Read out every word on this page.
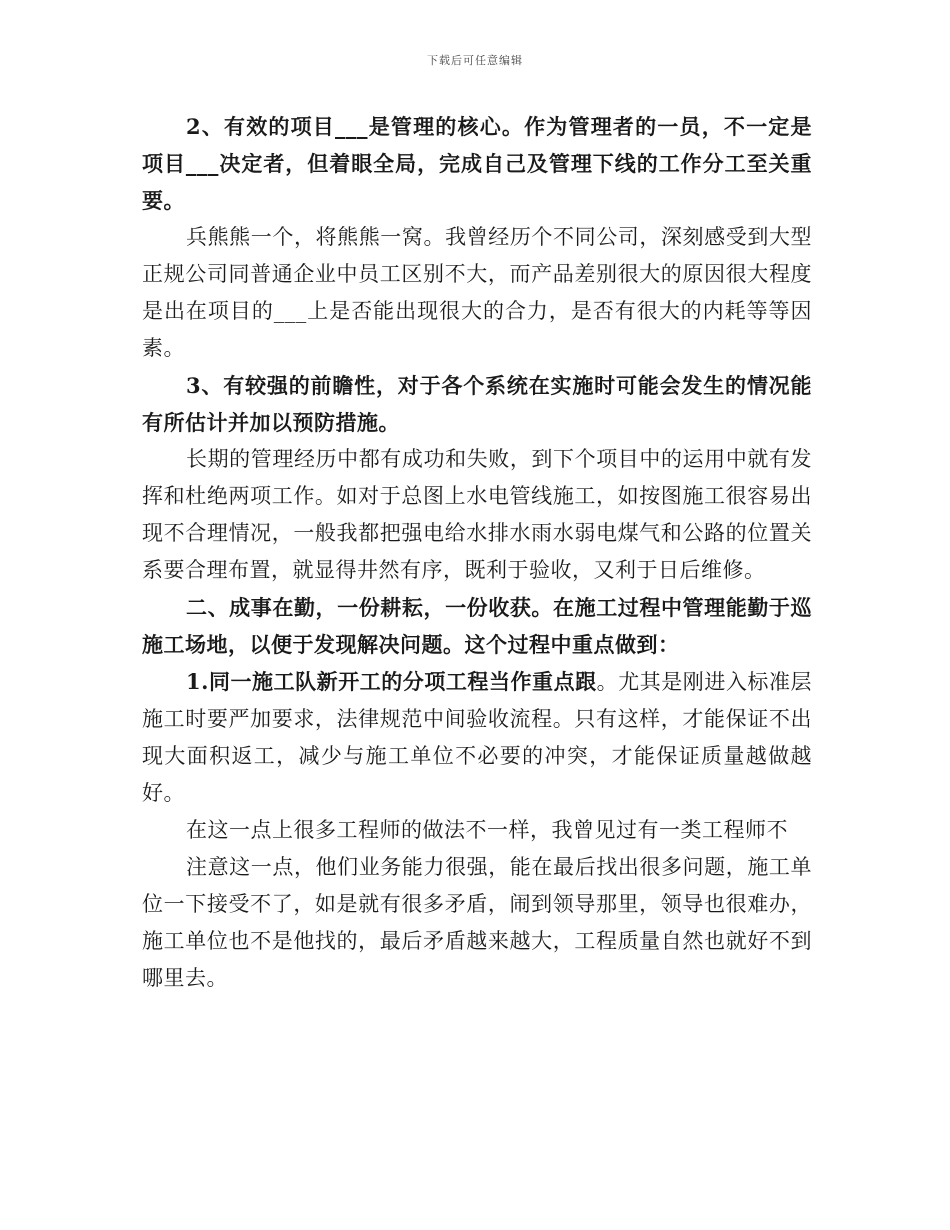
下载后可任意编辑

2、有效的项目___是管理的核心。作为管理者的一员，不一定是项目___决定者，但着眼全局，完成自己及管理下线的工作分工至关重要。

兵熊熊一个，将熊熊一窝。我曾经历个不同公司，深刻感受到大型正规公司同普通企业中员工区别不大，而产品差别很大的原因很大程度是出在项目的___上是否能出现很大的合力，是否有很大的内耗等等因素。

3、有较强的前瞻性，对于各个系统在实施时可能会发生的情况能有所估计并加以预防措施。

长期的管理经历中都有成功和失败，到下个项目中的运用中就有发挥和杜绝两项工作。如对于总图上水电管线施工，如按图施工很容易出现不合理情况，一般我都把强电给水排水雨水弱电煤气和公路的位置关系要合理布置，就显得井然有序，既利于验收，又利于日后维修。

二、成事在勤，一份耕耘，一份收获。在施工过程中管理能勤于巡施工场地，以便于发现解决问题。这个过程中重点做到：

1.同一施工队新开工的分项工程当作重点跟。尤其是刚进入标准层施工时要严加要求，法律规范中间验收流程。只有这样，才能保证不出现大面积返工，减少与施工单位不必要的冲突，才能保证质量越做越好。

在这一点上很多工程师的做法不一样，我曾见过有一类工程师不

注意这一点，他们业务能力很强，能在最后找出很多问题，施工单位一下接受不了，如是就有很多矛盾，闹到领导那里，领导也很难办，施工单位也不是他找的，最后矛盾越来越大，工程质量自然也就好不到哪里去。
